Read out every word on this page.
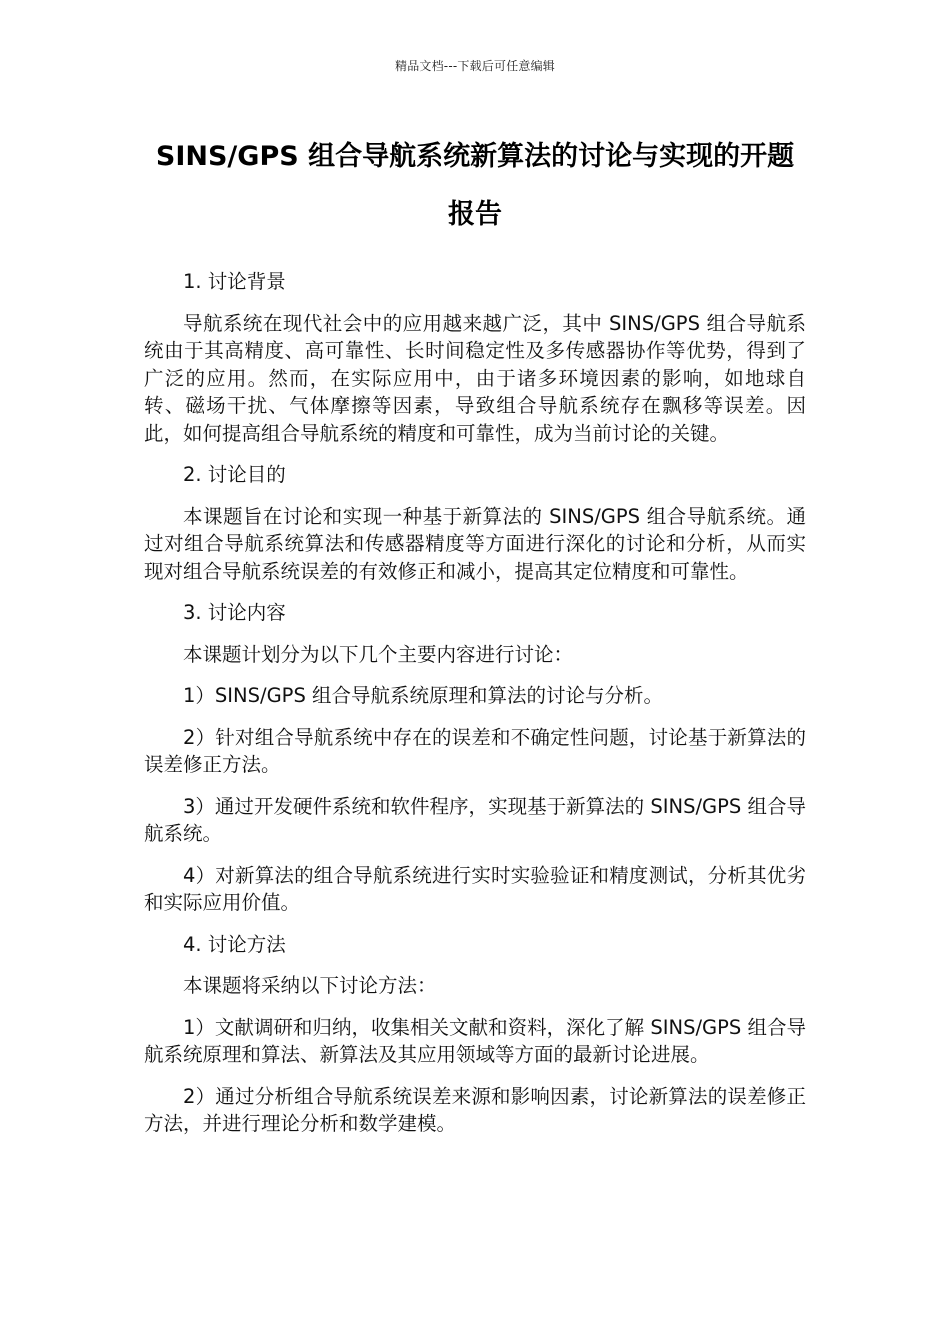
精品文档---下载后可任意编辑
SINS/GPS 组合导航系统新算法的讨论与实现的开题报告

1. 讨论背景

导航系统在现代社会中的应用越来越广泛，其中 SINS/GPS 组合导航系统由于其高精度、高可靠性、长时间稳定性及多传感器协作等优势，得到了广泛的应用。然而，在实际应用中，由于诸多环境因素的影响，如地球自转、磁场干扰、气体摩擦等因素，导致组合导航系统存在飘移等误差。因此，如何提高组合导航系统的精度和可靠性，成为当前讨论的关键。

2. 讨论目的

本课题旨在讨论和实现一种基于新算法的 SINS/GPS 组合导航系统。通过对组合导航系统算法和传感器精度等方面进行深化的讨论和分析，从而实现对组合导航系统误差的有效修正和减小，提高其定位精度和可靠性。

3. 讨论内容

本课题计划分为以下几个主要内容进行讨论：

1）SINS/GPS 组合导航系统原理和算法的讨论与分析。

2）针对组合导航系统中存在的误差和不确定性问题，讨论基于新算法的误差修正方法。

3）通过开发硬件系统和软件程序，实现基于新算法的 SINS/GPS 组合导航系统。

4）对新算法的组合导航系统进行实时实验验证和精度测试，分析其优劣和实际应用价值。

4. 讨论方法

本课题将采纳以下讨论方法：

1）文献调研和归纳，收集相关文献和资料，深化了解 SINS/GPS 组合导航系统原理和算法、新算法及其应用领域等方面的最新讨论进展。

2）通过分析组合导航系统误差来源和影响因素，讨论新算法的误差修正方法，并进行理论分析和数学建模。
